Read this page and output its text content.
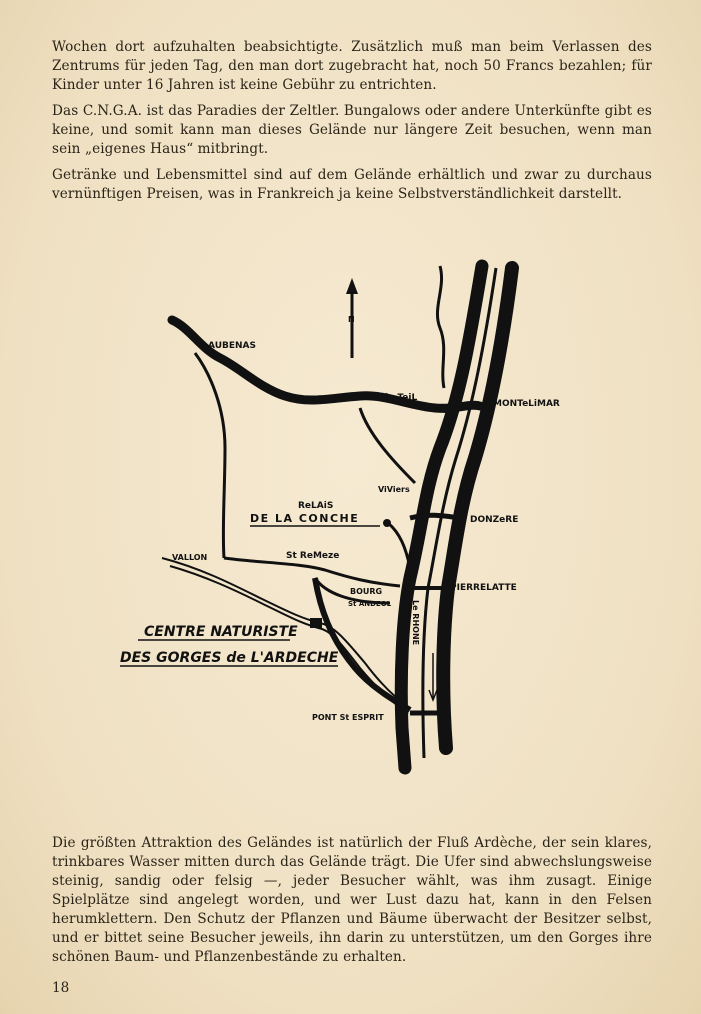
Wochen dort aufzuhalten beabsichtigte. Zusätzlich muß man beim Verlassen des Zentrums für jeden Tag, den man dort zugebracht hat, noch 50 Francs bezahlen; für Kinder unter 16 Jahren ist keine Gebühr zu entrichten.

Das C.N.G.A. ist das Paradies der Zeltler. Bungalows oder andere Unterkünfte gibt es keine, und somit kann man dieses Gelände nur längere Zeit besuchen, wenn man sein „eigenes Haus“ mitbringt.

Getränke und Lebensmittel sind auf dem Gelände erhältlich und zwar zu durchaus vernünftigen Preisen, was in Frankreich ja keine Selbstverständlichkeit darstellt.

N
AUBENAS
le TeiL
MONTeLiMAR
ViViers
ReLAiS
DE LA CONCHE	DONZeRE
VALLON	St ReMeze
BOURG
St ANDEOL
PIERRELATTE
Le RHONE
CENTRE NATURISTE
DES GORGES de L'ARDECHE
PONT St ESPRIT

Die größten Attraktion des Geländes ist natürlich der Fluß Ardèche, der sein klares, trinkbares Wasser mitten durch das Gelände trägt. Die Ufer sind abwechslungsweise steinig, sandig oder felsig —, jeder Besucher wählt, was ihm zusagt. Einige Spielplätze sind angelegt worden, und wer Lust dazu hat, kann in den Felsen herumklettern. Den Schutz der Pflanzen und Bäume überwacht der Besitzer selbst, und er bittet seine Besucher jeweils, ihn darin zu unterstützen, um den Gorges ihre schönen Baum- und Pflanzenbestände zu erhalten.

18
